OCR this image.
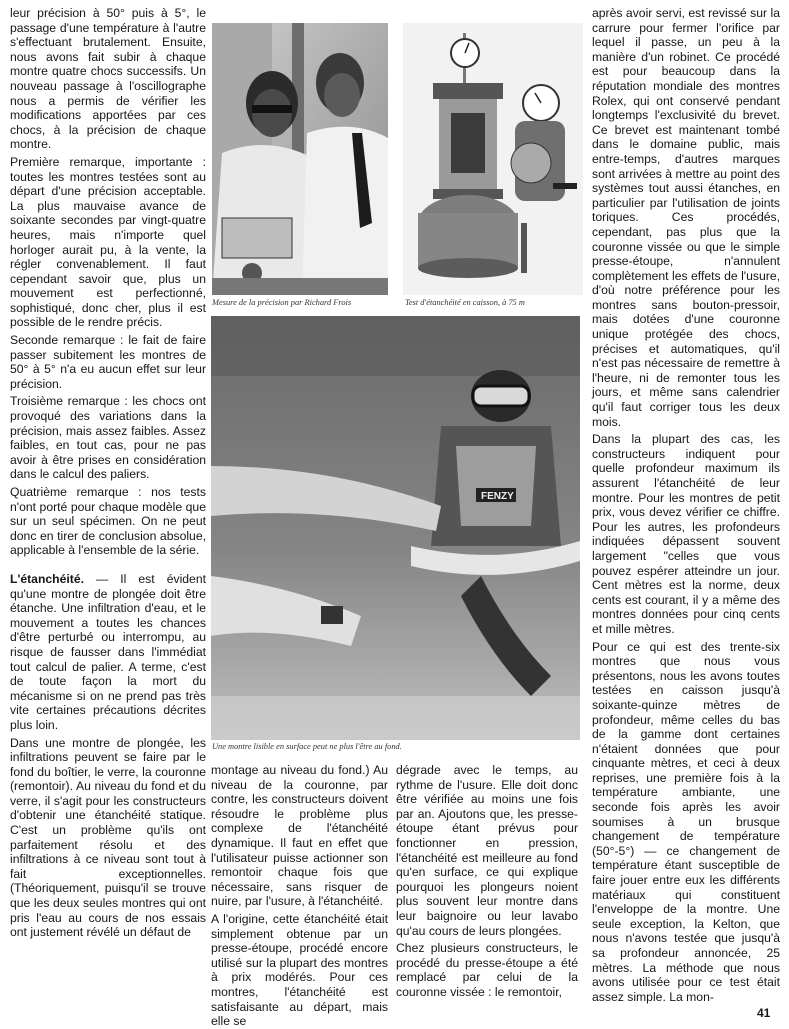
leur précision à 50° puis à 5°, le passage d'une température à l'autre s'effectuant brutalement. Ensuite, nous avons fait subir à chaque montre quatre chocs successifs. Un nouveau passage à l'oscillographe nous a permis de vérifier les modifications apportées par ces chocs, à la précision de chaque montre.

Première remarque, importante : toutes les montres testées sont au départ d'une précision acceptable. La plus mauvaise avance de soixante secondes par vingt-quatre heures, mais n'importe quel horloger aurait pu, à la vente, la régler convenablement. Il faut cependant savoir que, plus un mouvement est perfectionné, sophistiqué, donc cher, plus il est possible de le rendre précis.

Seconde remarque : le fait de faire passer subitement les montres de 50° à 5° n'a eu aucun effet sur leur précision.

Troisième remarque : les chocs ont provoqué des variations dans la précision, mais assez faibles. Assez faibles, en tout cas, pour ne pas avoir à être prises en considération dans le calcul des paliers.

Quatrième remarque : nos tests n'ont porté pour chaque modèle que sur un seul spécimen. On ne peut donc en tirer de conclusion absolue, applicable à l'ensemble de la série.

L'étanchéité. — Il est évident qu'une montre de plongée doit être étanche. Une infiltration d'eau, et le mouvement a toutes les chances d'être perturbé ou interrompu, au risque de fausser dans l'immédiat tout calcul de palier. A terme, c'est de toute façon la mort du mécanisme si on ne prend pas très vite certaines précautions décrites plus loin.

Dans une montre de plongée, les infiltrations peuvent se faire par le fond du boîtier, le verre, la couronne (remontoir). Au niveau du fond et du verre, il s'agit pour les constructeurs d'obtenir une étanchéité statique. C'est un problème qu'ils ont parfaitement résolu et des infiltrations à ce niveau sont tout à fait exceptionnelles. (Théoriquement, puisqu'il se trouve que les deux seules montres qui ont pris l'eau au cours de nos essais ont justement révélé un défaut de

Mesure de la précision par Richard Frois	Test d'étanchéité en caisson, à 75 m
FENZY
Une montre lisible en surface peut ne plus l'être au fond.

montage au niveau du fond.) Au niveau de la couronne, par contre, les constructeurs doivent résoudre le problème plus complexe de l'étanchéité dynamique. Il faut en effet que l'utilisateur puisse actionner son remontoir chaque fois que nécessaire, sans risquer de nuire, par l'usure, à l'étanchéité.

A l'origine, cette étanchéité était simplement obtenue par un presse-étoupe, procédé encore utilisé sur la plupart des montres à prix modérés. Pour ces montres, l'étanchéité est satisfaisante au départ, mais elle se

dégrade avec le temps, au rythme de l'usure. Elle doit donc être vérifiée au moins une fois par an. Ajoutons que, les presse-étoupe étant prévus pour fonctionner en pression, l'étanchéité est meilleure au fond qu'en surface, ce qui explique pourquoi les plongeurs noient plus souvent leur montre dans leur baignoire ou leur lavabo qu'au cours de leurs plongées.

Chez plusieurs constructeurs, le procédé du presse-étoupe a été remplacé par celui de la couronne vissée : le remontoir,

après avoir servi, est revissé sur la carrure pour fermer l'orifice par lequel il passe, un peu à la manière d'un robinet. Ce procédé est pour beaucoup dans la réputation mondiale des montres Rolex, qui ont conservé pendant longtemps l'exclusivité du brevet. Ce brevet est maintenant tombé dans le domaine public, mais entre-temps, d'autres marques sont arrivées à mettre au point des systèmes tout aussi étanches, en particulier par l'utilisation de joints toriques. Ces procédés, cependant, pas plus que la couronne vissée ou que le simple presse-étoupe, n'annulent complètement les effets de l'usure, d'où notre préférence pour les montres sans bouton-pressoir, mais dotées d'une couronne unique protégée des chocs, précises et automatiques, qu'il n'est pas nécessaire de remettre à l'heure, ni de remonter tous les jours, et même sans calendrier qu'il faut corriger tous les deux mois.

Dans la plupart des cas, les constructeurs indiquent pour quelle profondeur maximum ils assurent l'étanchéité de leur montre. Pour les montres de petit prix, vous devez vérifier ce chiffre. Pour les autres, les profondeurs indiquées dépassent souvent largement "celles que vous pouvez espérer atteindre un jour. Cent mètres est la norme, deux cents est courant, il y a même des montres données pour cinq cents et mille mètres.

Pour ce qui est des trente-six montres que nous vous présentons, nous les avons toutes testées en caisson jusqu'à soixante-quinze mètres de profondeur, même celles du bas de la gamme dont certaines n'étaient données que pour cinquante mètres, et ceci à deux reprises, une première fois à la température ambiante, une seconde fois après les avoir soumises à un brusque changement de température (50°-5°) — ce changement de température étant susceptible de faire jouer entre eux les différents matériaux qui constituent l'enveloppe de la montre. Une seule exception, la Kelton, que nous n'avons testée que jusqu'à sa profondeur annoncée, 25 mètres. La méthode que nous avons utilisée pour ce test était assez simple. La mon-

41
